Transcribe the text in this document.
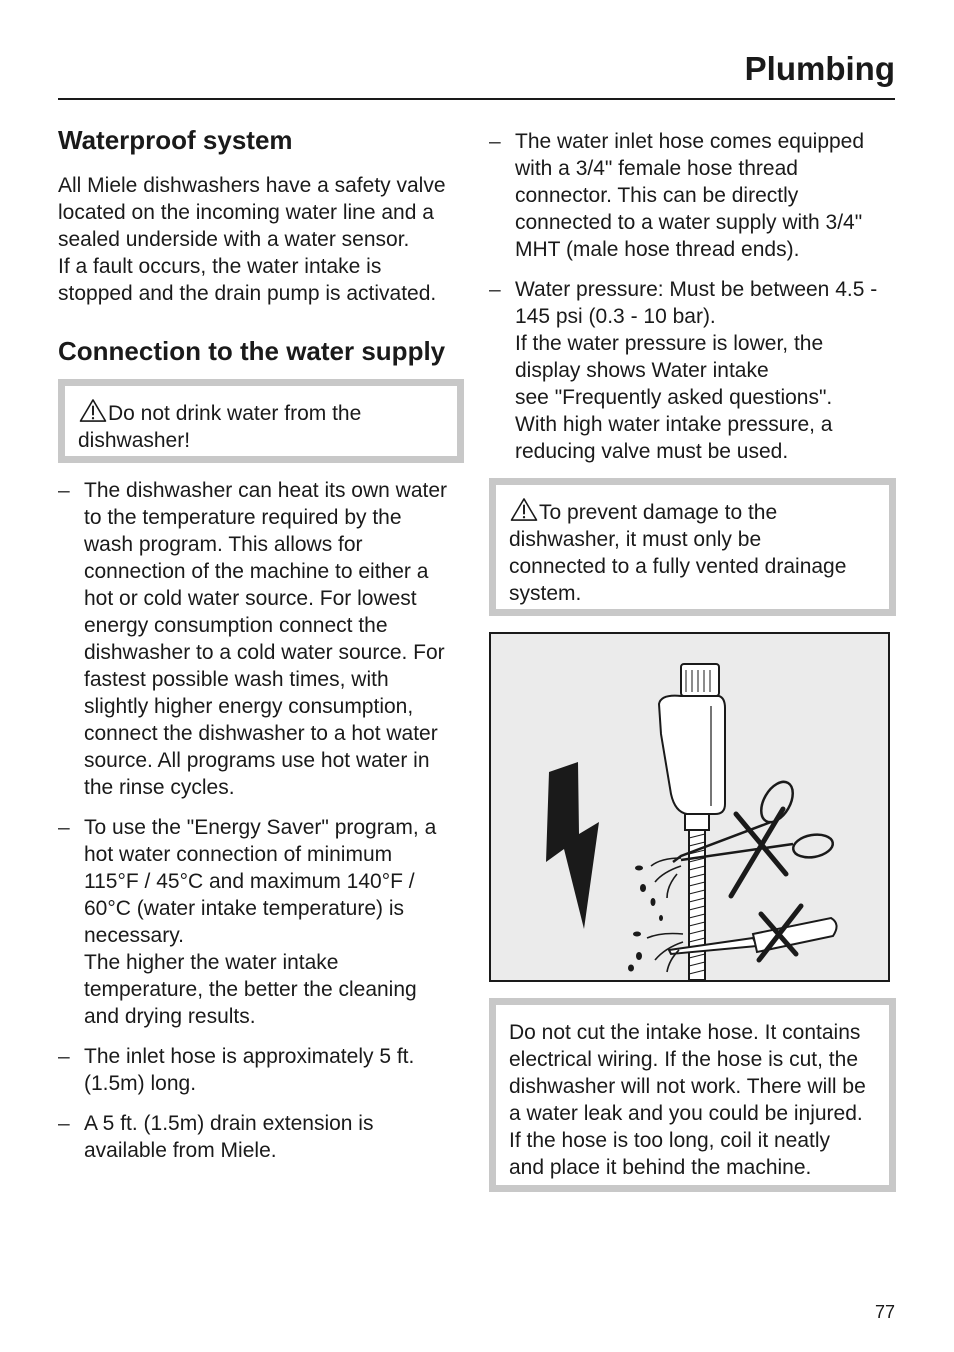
Plumbing
Waterproof system

All Miele dishwashers have a safety valve
located on the incoming water line and a
sealed underside with a water sensor.
If a fault occurs, the water intake is
stopped and the drain pump is activated.

Connection to the water supply
Do not drink water from the
dishwasher!
– The dishwasher can heat its own water
to the temperature required by the
wash program. This allows for
connection of the machine to either a
hot or cold water source. For lowest
energy consumption connect the
dishwasher to a cold water source. For
fastest possible wash times, with
slightly higher energy consumption,
connect the dishwasher to a hot water
source. All programs use hot water in
the rinse cycles.
– To use the "Energy Saver" program, a
hot water connection of minimum
115°F / 45°C and maximum 140°F /
60°C (water intake temperature) is
necessary.
The higher the water intake
temperature, the better the cleaning
and drying results.
– The inlet hose is approximately 5 ft.
(1.5m) long.
– A 5 ft. (1.5m) drain extension is
available from Miele.
– The water inlet hose comes equipped
with a 3/4" female hose thread
connector. This can be directly
connected to a water supply with 3/4"
MHT (male hose thread ends).
– Water pressure: Must be between 4.5 -
145 psi (0.3 - 10 bar).
If the water pressure is lower, the
display shows Water intake
see "Frequently asked questions".
With high water intake pressure, a
reducing valve must be used.
To prevent damage to the
dishwasher, it must only be
connected to a fully vented drainage
system.
Do not cut the intake hose. It contains
electrical wiring. If the hose is cut, the
dishwasher will not work. There will be
a water leak and you could be injured.
If the hose is too long, coil it neatly
and place it behind the machine.
77
